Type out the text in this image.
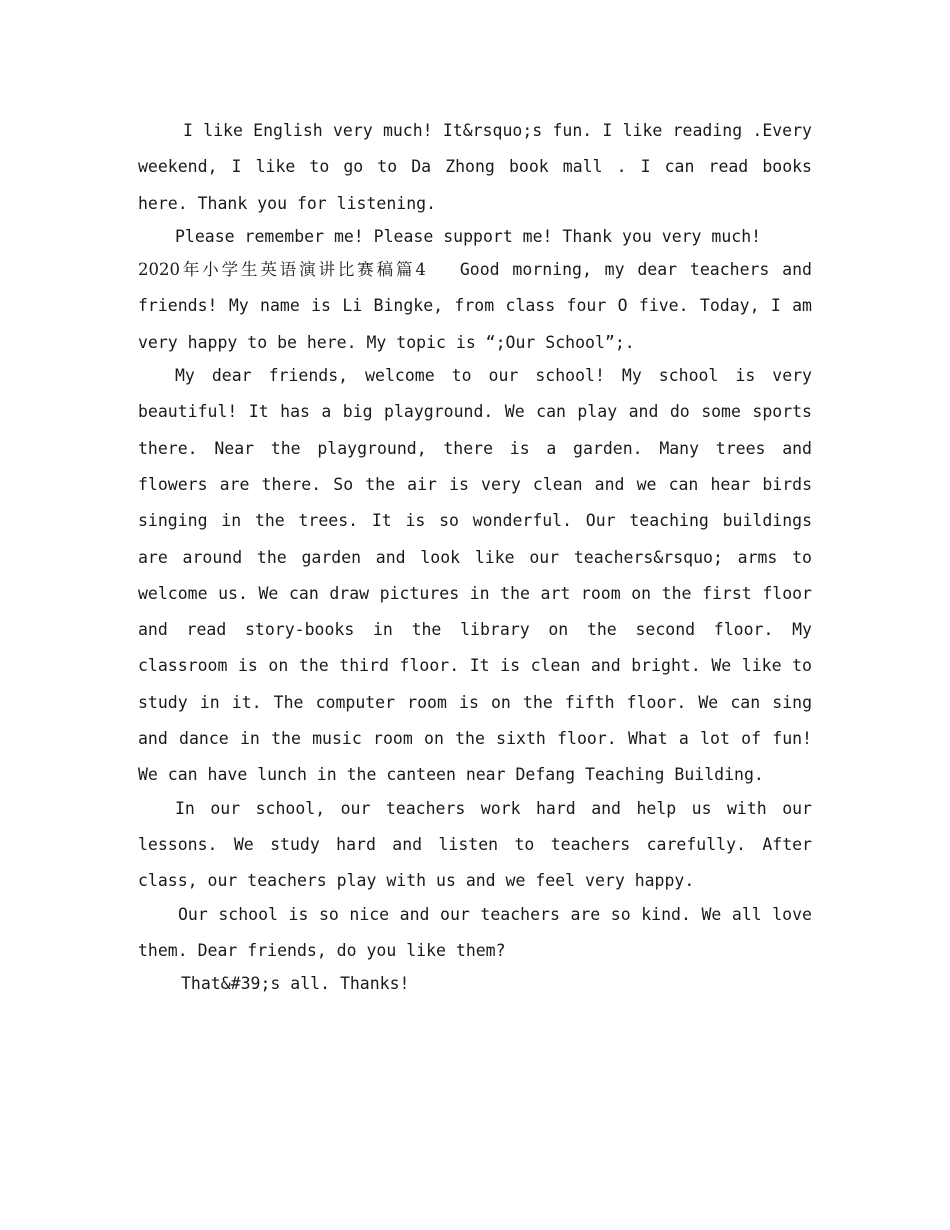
I like English very much! It&rsquo;s fun. I like reading .Every weekend, I like to go to Da Zhong book mall . I can read books here. Thank you for listening.

Please remember me! Please support me! Thank you very much!

2020年小学生英语演讲比赛稿篇4 Good morning, my dear teachers and friends! My name is Li Bingke, from class four O five. Today, I am very happy to be here. My topic is “;Our School”;.

My dear friends, welcome to our school! My school is very beautiful! It has a big playground. We can play and do some sports there. Near the playground, there is a garden. Many trees and flowers are there. So the air is very clean and we can hear birds singing in the trees. It is so wonderful. Our teaching buildings are around the garden and look like our teachers&rsquo; arms to welcome us. We can draw pictures in the art room on the first floor and read story-books in the library on the second floor. My classroom is on the third floor. It is clean and bright. We like to study in it. The computer room is on the fifth floor. We can sing and dance in the music room on the sixth floor. What a lot of fun! We can have lunch in the canteen near Defang Teaching Building.

In our school, our teachers work hard and help us with our lessons. We study hard and listen to teachers carefully. After class, our teachers play with us and we feel very happy.

Our school is so nice and our teachers are so kind. We all love them. Dear friends, do you like them?

That&#39;s all. Thanks!
